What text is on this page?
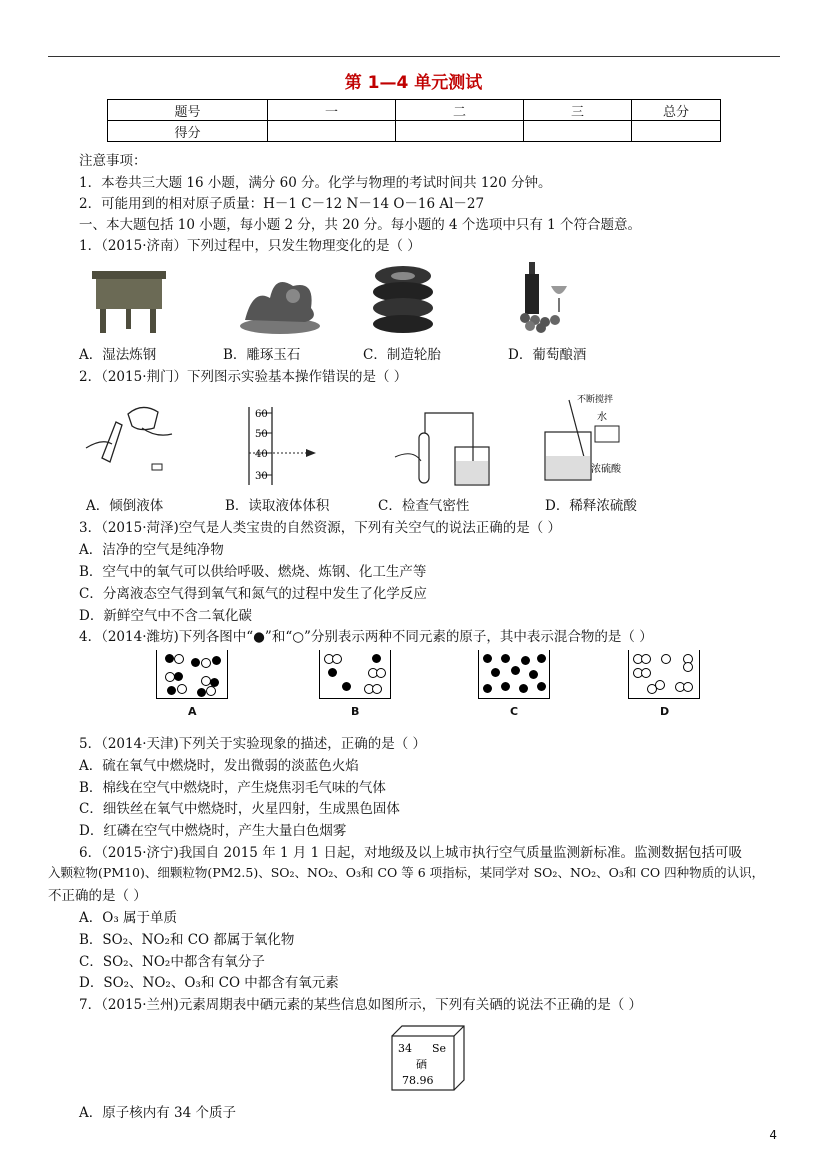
第 1—4 单元测试
题号	一	二	三	总分
得分				
注意事项：
1．本卷共三大题 16 小题，满分 60 分。化学与物理的考试时间共 120 分钟。
2．可能用到的相对原子质量：H－1 C－12 N－14 O－16 Al－27
一、本大题包括 10 小题，每小题 2 分，共 20 分。每小题的 4 个选项中只有 1 个符合题意。
1．（2015·济南）下列过程中，只发生物理变化的是（ ）
A．湿法炼钢	B．雕琢玉石	C．制造轮胎	D．葡萄酿酒
2．（2015·荆门）下列图示实验基本操作错误的是（ ）
60
50
40
30
不断搅拌
水
浓硫酸
A．倾倒液体	B．读取液体体积	C．检查气密性	D．稀释浓硫酸
3．（2015·菏泽)空气是人类宝贵的自然资源，下列有关空气的说法正确的是（ ）
A．洁净的空气是纯净物
B．空气中的氧气可以供给呼吸、燃烧、炼钢、化工生产等
C．分离液态空气得到氧气和氮气的过程中发生了化学反应
D．新鲜空气中不含二氧化碳
4．（2014·潍坊)下列各图中“●”和“○”分别表示两种不同元素的原子，其中表示混合物的是（ ）
A	B	C	D
5．（2014·天津)下列关于实验现象的描述，正确的是（ ）
A．硫在氧气中燃烧时，发出微弱的淡蓝色火焰
B．棉线在空气中燃烧时，产生烧焦羽毛气味的气体
C．细铁丝在氧气中燃烧时，火星四射，生成黑色固体
D．红磷在空气中燃烧时，产生大量白色烟雾
6．（2015·济宁)我国自 2015 年 1 月 1 日起，对地级及以上城市执行空气质量监测新标准。监测数据包括可吸
入颗粒物(PM10)、细颗粒物(PM2.5)、SO₂、NO₂、O₃和 CO 等 6 项指标，某同学对 SO₂、NO₂、O₃和 CO 四种物质的认识，
不正确的是（ ）
A．O₃ 属于单质
B．SO₂、NO₂和 CO 都属于氧化物
C．SO₂、NO₂中都含有氧分子
D．SO₂、NO₂、O₃和 CO 中都含有氧元素
7．（2015·兰州)元素周期表中硒元素的某些信息如图所示，下列有关硒的说法不正确的是（ ）
34 Se
硒
78.96
A．原子核内有 34 个质子
4
